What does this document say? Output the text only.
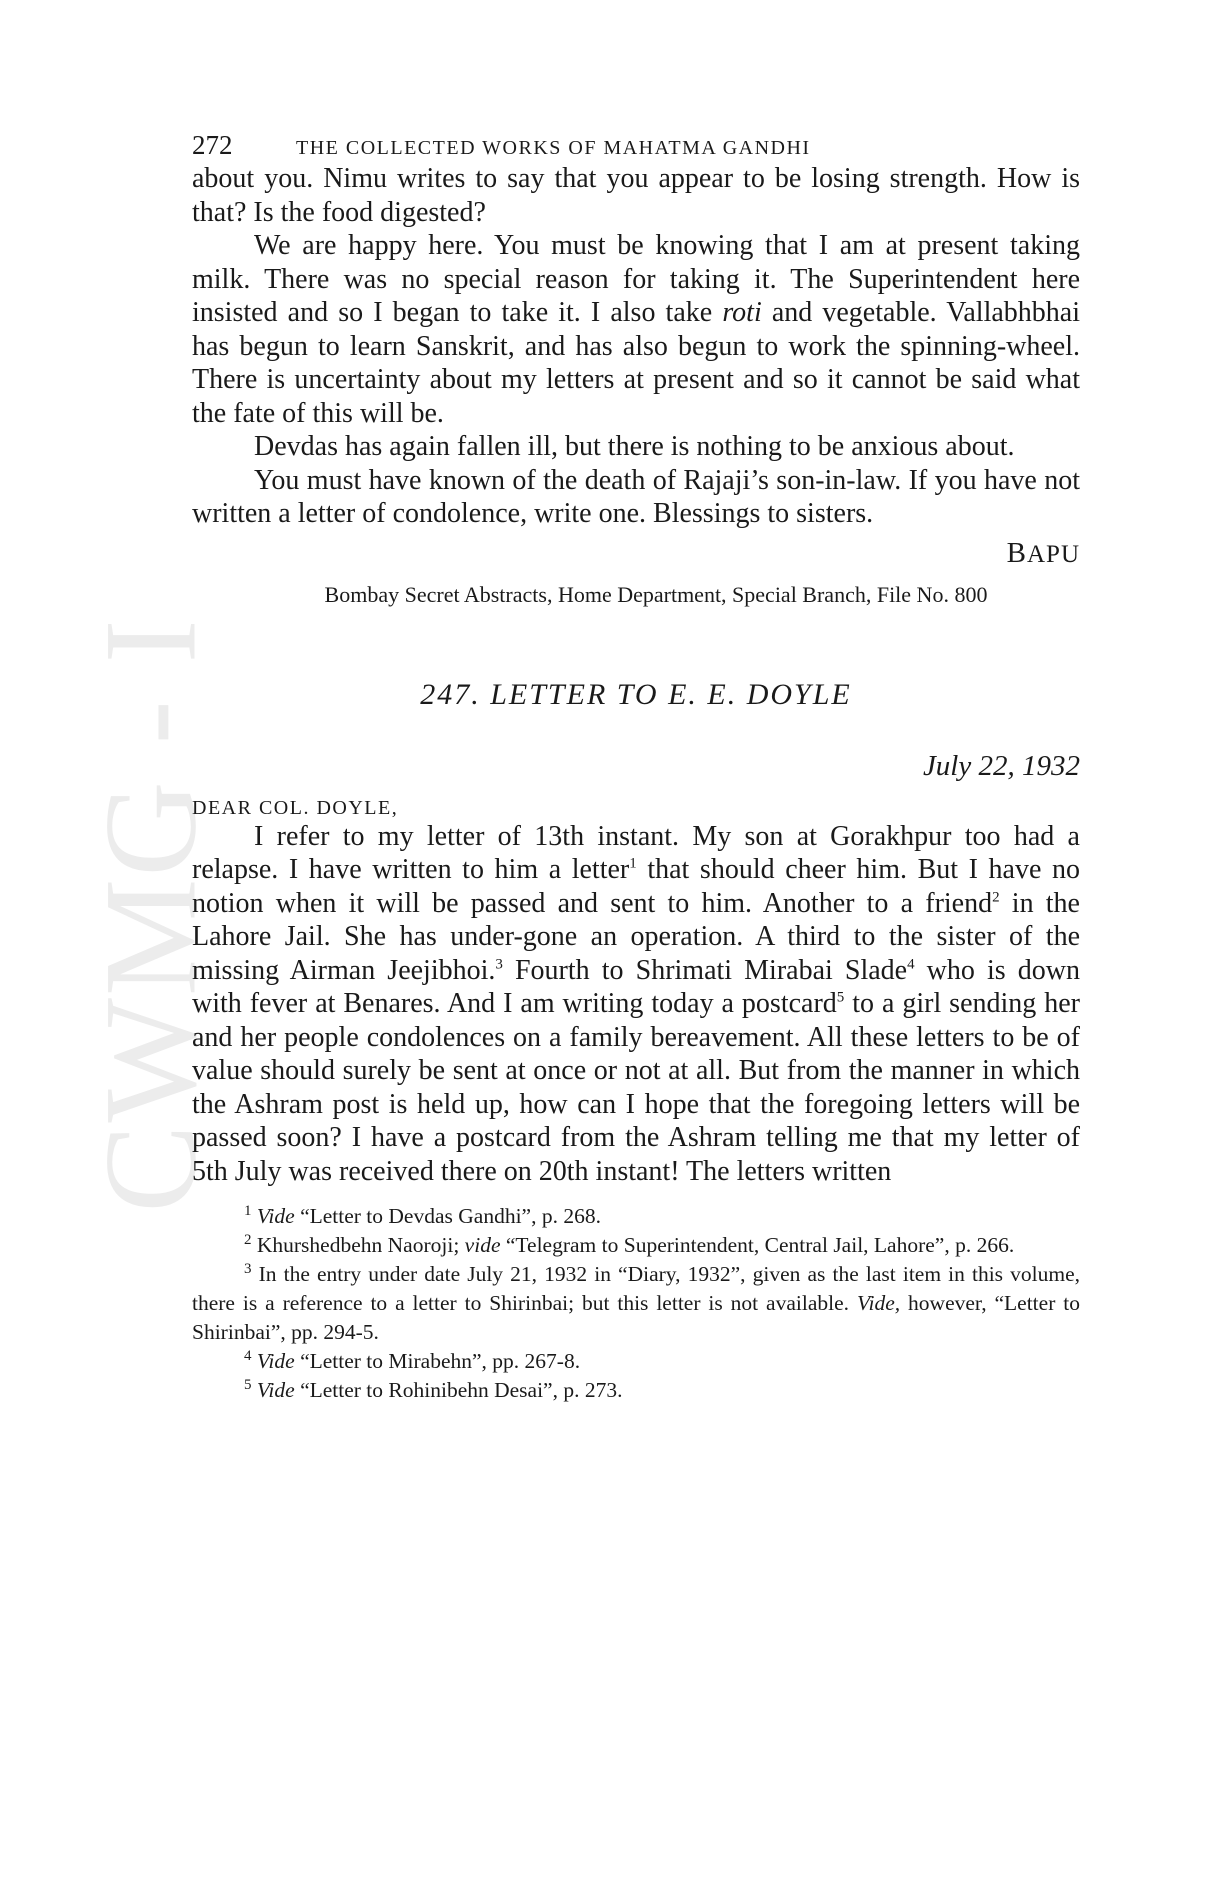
CWMG - I
272	THE COLLECTED WORKS OF MAHATMA GANDHI

about you. Nimu writes to say that you appear to be losing strength. How is that? Is the food digested?

We are happy here. You must be knowing that I am at present taking milk. There was no special reason for taking it. The Superintendent here insisted and so I began to take it. I also take roti and vegetable. Vallabhbhai has begun to learn Sanskrit, and has also begun to work the spinning-wheel. There is uncertainty about my letters at present and so it cannot be said what the fate of this will be.

Devdas has again fallen ill, but there is nothing to be anxious about.

You must have known of the death of Rajaji’s son-in-law. If you have not written a letter of condolence, write one. Blessings to sisters.

BAPU
Bombay Secret Abstracts, Home Department, Special Branch, File No. 800
247. LETTER TO E. E. DOYLE
July 22, 1932
DEAR COL. DOYLE,

I refer to my letter of 13th instant. My son at Gorakhpur too had a relapse. I have written to him a letter$^1$ that should cheer him. But I have no notion when it will be passed and sent to him. Another to a friend$^2$ in the Lahore Jail. She has under-gone an operation. A third to the sister of the missing Airman Jeejibhoi.$^3$ Fourth to Shrimati Mirabai Slade$^4$ who is down with fever at Benares. And I am writing today a postcard$^5$ to a girl sending her and her people condolences on a family bereavement. All these letters to be of value should surely be sent at once or not at all. But from the manner in which the Ashram post is held up, how can I hope that the foregoing letters will be passed soon? I have a postcard from the Ashram telling me that my letter of 5th July was received there on 20th instant! The letters written

$^1$ Vide “Letter to Devdas Gandhi”, p. 268.

$^2$ Khurshedbehn Naoroji; vide “Telegram to Superintendent, Central Jail, Lahore”, p. 266.

$^3$ In the entry under date July 21, 1932 in “Diary, 1932”, given as the last item in this volume, there is a reference to a letter to Shirinbai; but this letter is not available. Vide, however, “Letter to Shirinbai”, pp. 294-5.

$^4$ Vide “Letter to Mirabehn”, pp. 267-8.

$^5$ Vide “Letter to Rohinibehn Desai”, p. 273.
